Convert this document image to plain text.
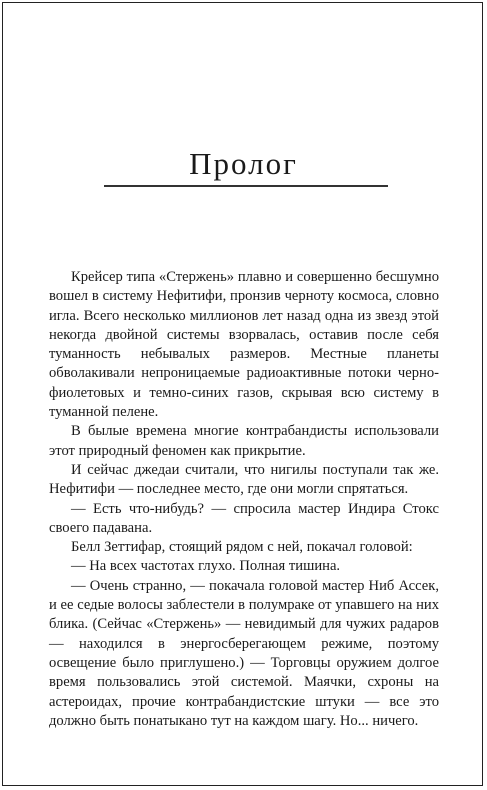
Пролог

Крейсер типа «Стержень» плавно и совершенно бесшумно вошел в систему Нефитифи, пронзив черноту космоса, словно игла. Всего несколько миллионов лет назад одна из звезд этой некогда двойной системы взорвалась, оставив после себя туманность небывалых размеров. Местные планеты обволакивали непроницаемые радиоактивные потоки черно-фиолетовых и темно-синих газов, скрывая всю систему в туманной пелене.

В былые времена многие контрабандисты использовали этот природный феномен как прикрытие.

И сейчас джедаи считали, что нигилы поступали так же. Нефитифи — последнее место, где они могли спрятаться.

— Есть что-нибудь? — спросила мастер Индира Стокс своего падавана.

Белл Зеттифар, стоящий рядом с ней, покачал головой:

— На всех частотах глухо. Полная тишина.

— Очень странно, — покачала головой мастер Ниб Ассек, и ее седые волосы заблестели в полумраке от упавшего на них блика. (Сейчас «Стержень» — невидимый для чужих радаров — находился в энергосберегающем режиме, поэтому освещение было приглушено.) — Торговцы оружием долгое время пользовались этой системой. Маячки, схроны на астероидах, прочие контрабандистские штуки — все это должно быть понатыкано тут на каждом шагу. Но... ничего.
